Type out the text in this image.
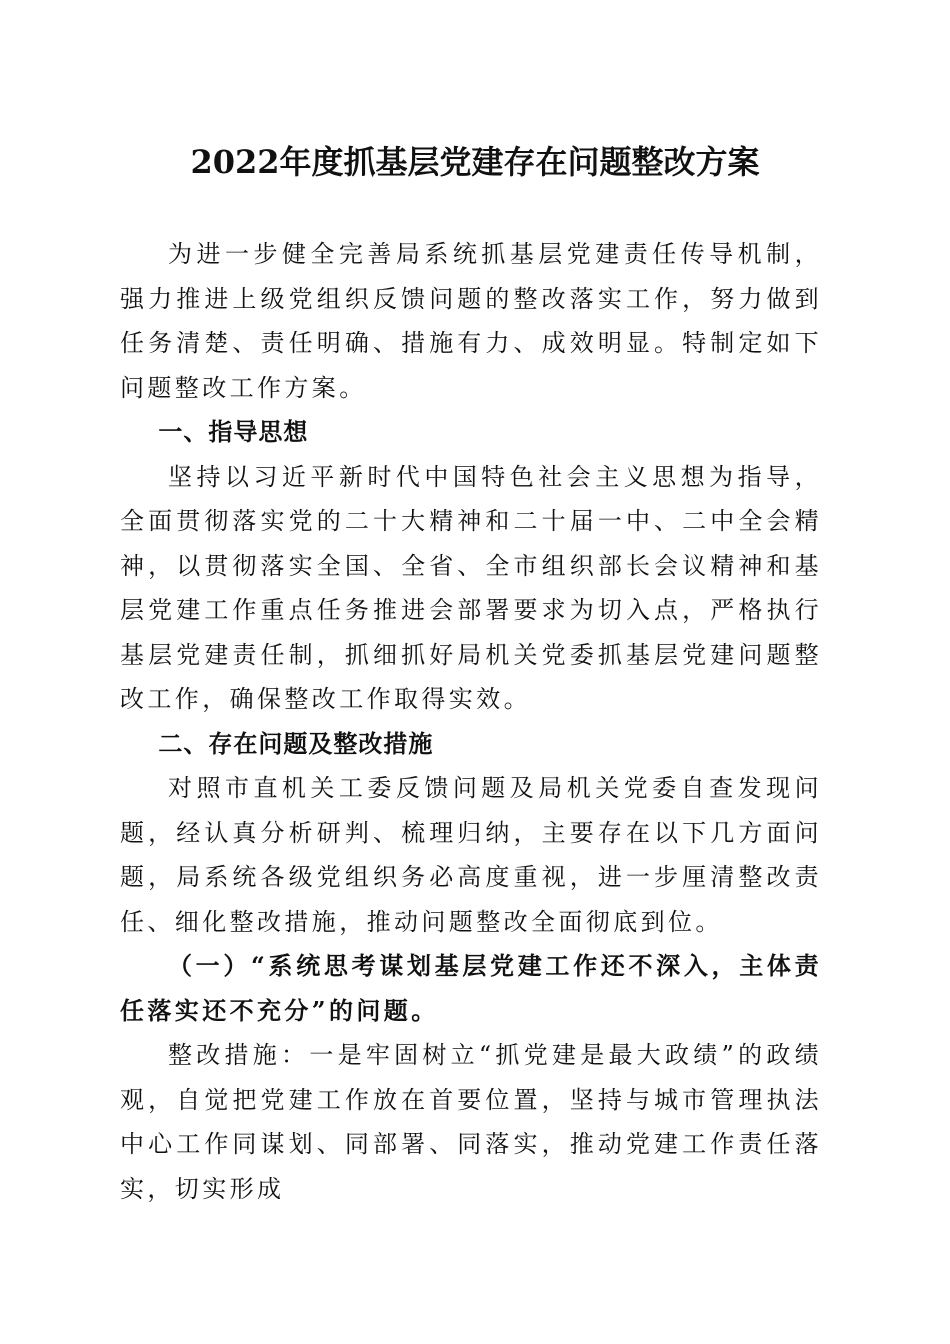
2022年度抓基层党建存在问题整改方案

为进一步健全完善局系统抓基层党建责任传导机制，强力推进上级党组织反馈问题的整改落实工作，努力做到任务清楚、责任明确、措施有力、成效明显。特制定如下问题整改工作方案。

一、指导思想

坚持以习近平新时代中国特色社会主义思想为指导，全面贯彻落实党的二十大精神和二十届一中、二中全会精神，以贯彻落实全国、全省、全市组织部长会议精神和基层党建工作重点任务推进会部署要求为切入点，严格执行基层党建责任制，抓细抓好局机关党委抓基层党建问题整改工作，确保整改工作取得实效。

二、存在问题及整改措施

对照市直机关工委反馈问题及局机关党委自查发现问题，经认真分析研判、梳理归纳，主要存在以下几方面问题，局系统各级党组织务必高度重视，进一步厘清整改责任、细化整改措施，推动问题整改全面彻底到位。

（一）“系统思考谋划基层党建工作还不深入，主体责任落实还不充分”的问题。

整改措施：一是牢固树立“抓党建是最大政绩”的政绩观，自觉把党建工作放在首要位置，坚持与城市管理执法中心工作同谋划、同部署、同落实，推动党建工作责任落实，切实形成
